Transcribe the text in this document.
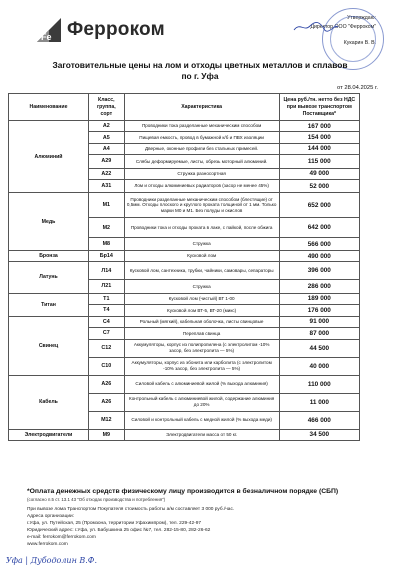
Fe Ферроком
Утверждаю:
Директор ООО "Ферроком"
Кукарин В. В.
Заготовительные цены на лом и отходы цветных металлов и сплавов
по г. Уфа
от 28.04.2025 г.
Наименование	Класс, группа, сорт	Характеристика	Цена руб./тн. нетто без НДС при вывозе транспортом Поставщика*
Алюминий	A2	Проводники тока разделанные механическим способом	167 000
	A5	Пищевая емкость, провод в бумажной к/б и ПВХ изоляции	154 000
	A4	Дверные, оконные профили без стальных примесей.	144 000
	A29	Слябы деформируемые, листы, обрезь моторный алюминий.	115 000
	A22	Стружка разносортная	49 000
	A31	Лом и отходы алюминиевых радиаторов (засор не менее 45%)	52 000
Медь	M1	Проводники разделанные механическим способом (блестящие) от 0,5мм. Отходы плоского и круглого проката толщиной от 1 мм. Только марки М0 и М1. Без полуды и окислов	652 000
	M2	Проводники тока и отходы проката в лаке, с пайкой, после обжига	642 000
	M8	Стружка	566 000
Бронза	Бр14	Кусковой лом	490 000
Латунь	Л14	Кусковой лом, сантехника, трубки, чайники, самовары, сепараторы	396 000
	Л21	Стружка	286 000
Титан	T1	Кусковой лом (чистый) ВТ 1-00	189 000
	T4	Кусковой лом ВТ-5, ВТ-20 (микс)	176 000
Свинец	C4	Рольный (мягкий), кабельная оболочка, листы свинцовые	91 000
	C7	Переплав свинца	87 000
	C12	Аккумуляторы, корпус из полипропилена (с электролитом -10% засор, без электролита — 5%)	44 500
	C10	Аккумуляторы, корпус из эбонита или карболита (с электролитом -10% засор, без электролита — 5%)	40 000
Кабель	A26	Силовой кабель с алюминиевой жилой (% выхода алюминия)	110 000
	A26	Контрольный кабель с алюминиевой жилой, содержание алюминия до 20%	11 000
	M12	Силовой и контрольный кабель с медной жилой (% выхода меди)	466 000
Электродвигатели	M9	Электродвигатели масса от 50 кг.	34 500
*Оплата денежных средств физическому лицу производится в безналичном порядке (СБП)
(согласно п.5 ст. 13.1 43 "Об отходах производства и потребления")
При вывозе лома Транспортом Покупателя стоимость работы а/м составляет 3 000 руб./час.
Адреса организации:
г.Уфа, ул. Путейская, 25 (Промзона, территории Уфахимпром), тел. 229-42-97
Юридический адрес: г.Уфа, ул. Бабушкина 25 офис №7, тел. 282-15-80, 282-26-62
e-mail: ferrokom@ferrokom.com
www.ferrokom.com
Уфа | Дубодолин В.Ф.
